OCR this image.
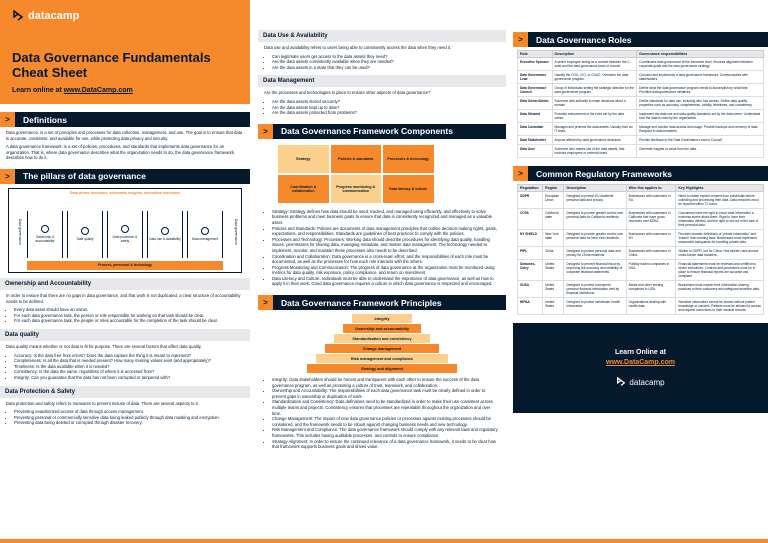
datacamp
Data Governance Fundamentals Cheat Sheet
Learn online at www.DataCamp.com
>	Definitions

Data governance: is a set of principles and processes for data collection, management, and use. The goal is to ensure that data is accurate, consistent, and available for use, while protecting data privacy and security.

A data governance framework: is a set of policies, procedures, and standards that implements data governance for an organization. That is, where data governance describes what the organization needs to do, the data governance framework describes how to do it.

>	The pillars of data governance
Data-driven decisions, actionable insights, innovation outcomes
Data governance	Data governance
Ownership & accountability	Data quality	Data protection & safety	Data use & availability	Data management
Process, personnel & technology
Ownership and Accountability

In order to ensure that there are no gaps in data governance, and that work is not duplicated, a clear structure of accountability needs to be defined.

• Every data asset should have an owner.
• For each data governance task, the person or role responsible for working on that task should be clear.
• For each data governance task, the people or roles accountable for the completion of the task should be clear.
Data quality

Data quality means whether or not data is fit for purpose. There are several factors that affect data quality.

• Accuracy: Is the data free from errors? Does the data capture the thing it is meant to represent?
• Completeness: Is all the data that is needed present? How many missing values exist (and appropriately)?
• Timeliness: Is the data available when it is needed?
• Consistency: Is the data the same, regardless of where it is accessed from?
• Integrity: Can you guarantee that the data has not been corrupted or tampered with?
Data Protection & Safety

Data protection and safety refers to measures to prevent misuse of data. There are several aspects to it.

• Preventing unauthorized access of data through access management.
• Preventing personal or commercially sensitive data being leaked publicly through data masking and encryption.
• Preventing data being deleted or corrupted through disaster recovery.
Data Use & Availability

Data use and availability refers to users being able to consistently access the data when they need it.

• Can legitimate users get access to the data assets they need?
• Are the data assets consistently available when they are needed?
• Are the data assets in a state that they can be used?
Data Management

Are the processes and technologies in place to ensure other aspects of data governance?

• Are the data assets stored securely?
• Are the data assets kept up to date?
• Are the data assets protected from problems?
>	Data Governance Framework Components
Strategy	Policies & standards	Processes & technology
Coordination & collaboration
Progress monitoring & communication	Data literacy & culture
• Strategy: Strategy defines how data should be used, tracked, and managed using efficiently, and effectively to solve business problems and meet business goals to ensure that data is consistently recognized and managed as a valuable asset.
• Policies and Standards: Policies are documents of data management principles that outline decision-making rights, goals, expectations, and responsibilities. Standards are guidelines of best practices to comply with the policies.
• Processes and Technology: Processes: Working data should describe procedures for identifying data quality, handling issues, permissions for sharing data, managing metadata, and master data management. The technology needed to implement, monitor, and maintain these processes also needs to be described.
• Coordination and Collaboration: Data governance is a cross-team effort, and the responsibilities of each role must be documented, as well as the processes for how each role interacts with the others.
• Progress Monitoring and Communication: The progress of data governance at the organization must be monitored using metrics for data quality, risk exposure, policy compliance, and return on investment.
• Data Literacy and Culture: Individuals must be able to understand the importance of data governance, as well as how to apply it in their work. Good data governance requires a culture in which data governance is respected and encouraged.
>	Data Governance Framework Principles
Integrity
Ownership and accountability
Standardization and consistency
Change management
Risk management and compliance
Strategy and alignment
• Integrity: Data stakeholders should be honest and transparent with each other to ensure the success of the data governance program, as well as promoting a culture of trust, teamwork, and collaboration.
• Ownership and Accountability: The responsibilities of each data governance task must be clearly defined in order to prevent gaps in ownership or duplication of work.
• Standardization and Consistency: Data definitions need to be standardized in order to make their use consistent across multiple teams and projects. Consistency ensures that processes are repeatable throughout the organization and over time.
• Change Management: The impact of new data governance policies or processes against existing processes should be considered, and the framework needs to be robust against changing business needs and new technology.
• Risk Management and Compliance: The data governance framework should comply with any relevant laws and regulatory frameworks. This includes having auditable processes, and controls to ensure compliance.
• Strategy Alignment: In order to ensure the continued relevance of a data governance framework, it needs to be clear how that framework supports business goals and drives value.
>	Data Governance Roles
Role	Description	Governance responsibilities
Executive Sponsor	A senior employee acting as a contact between the C-suite and the data governance team or council.	Coordinates data governance at the executive level. Ensures alignment between corporate goals and the data governance strategy.
Data Governance Lead	Usually the CDO, CIO, or CDAO. Oversees the data governance program.	Chooses and implements a data governance framework. Communicates with stakeholders.
Data Governance Council	Group of individuals setting the strategic direction for the data governance program.	Define what the data governance program needs to accomplish by what time. Prioritize data governance initiatives.
Data Owner/Admin	Someone with authority to make decisions about a domain.	Define standards for data use, including who has access. Define data quality properties such as accuracy, completeness, validity, timeliness, and consistency.
Data Steward	Provides enforcement of the rules set by the data owner.	Implement the data use and data quality standards set by the data owner. Understand how the data is used by the organization.
Data Custodian	Manages and protects the data assets. Usually from an IT team.	Manage and monitor data access and usage. Provide backups and recovery of data. Respond to data breaches.
Data Stakeholder	Anyone affected by data governance decisions.	Provide feedback to the Data Governance Lead or Council.
Data User	Someone who makes use of the data assets, that includes employees or external users.	Generate insights or value from the data.
>	Common Regulatory Frameworks
Regulation	Region	Description	Who this applies to	Key Highlights
GDPR	European Union	Designed to protect EU residents' personal data and privacy.	Businesses with customers in EU.	Need to obtain explicit consent from individuals before collecting and processing their data. Data breaches must be reported within 72 hours.
CCPA	California state	Designed to provide greater control over personal data for California residents.	Businesses with customers in California that have gross revenues over $25M.	Consumers have the right to know what information a business stores about them. Right to have their information deleted, and the right to opt out of the sale of their personal data.
NY SHIELD	New York state	Designed to provide greater control over personal data for New York residents.	Businesses with customers in NY.	Provides broader definitions of 'private information' and 'breach' than existing laws. Businesses must implement reasonable safeguards for handling private data.
PIPL	China	Designed to protect personal data and privacy for China residents.	Businesses with customers in China.	Similar to GDPR, but for China. Has stricter rules around cross-border data transfers.
Sarbanes-Oxley	United States	Designed to prevent financial fraud by improving the accuracy and reliability of corporate financial statements.	Publicly traded companies in USA.	Financial statements must be reviewed and certified by senior executives. Controls and procedures must be in place to ensure financial reports are accurate and compliant.
GLBA	United States	Designed to protect consumers' personal financial information held by financial institutions.	Banks and other lending companies in USA.	Businesses must explain their information-sharing practices to their customers and safeguard sensitive data.
HIPAA	United States	Designed to protect individuals' health information.	Organizations dealing with health data.	Sensitive information cannot be shared without patient knowledge or consent. Patients must be allowed to access and request corrections to their medical records.
Learn Online at
www.DataCamp.com
datacamp
